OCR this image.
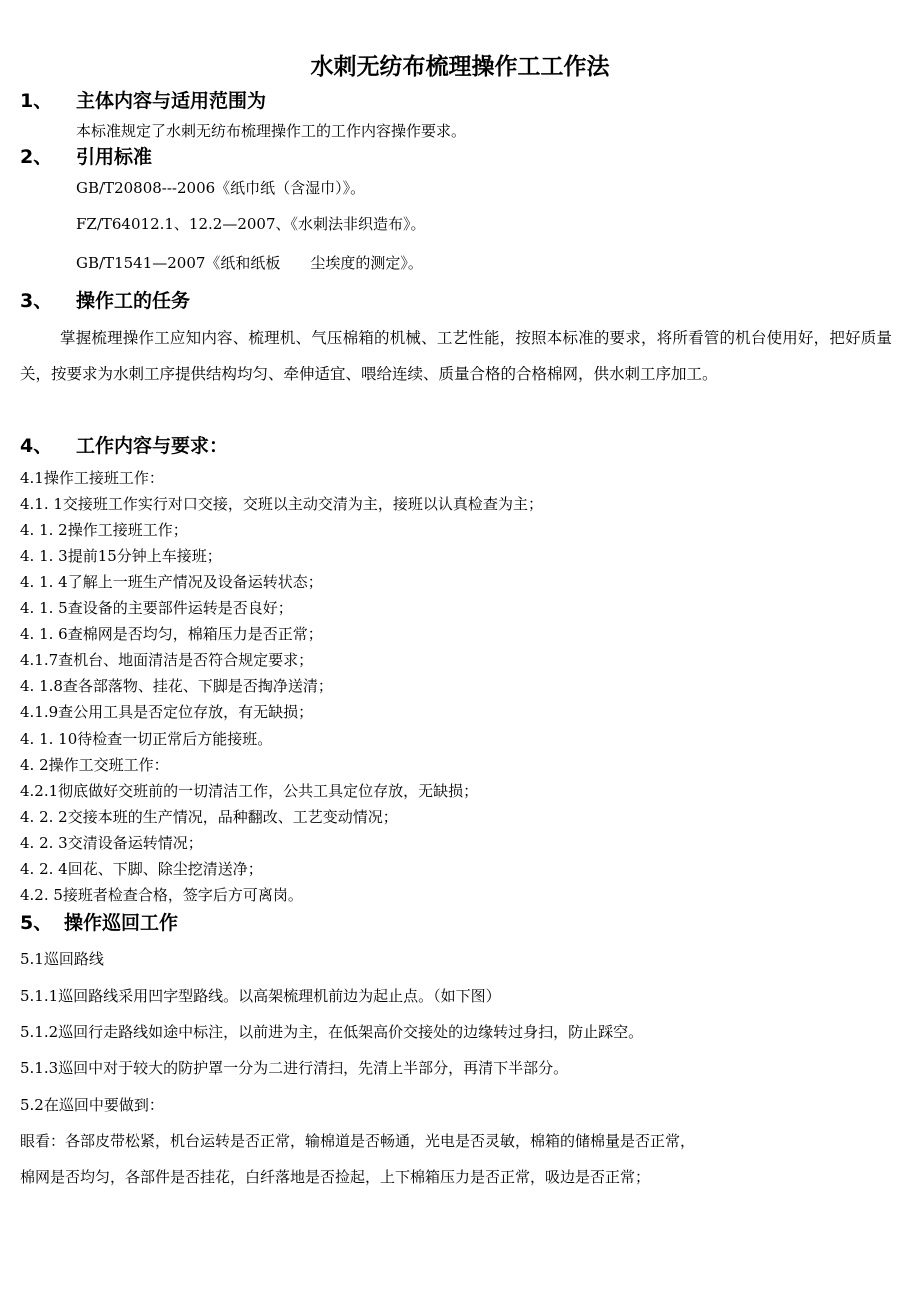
水刺无纺布梳理操作工工作法
1、 主体内容与适用范围为
本标准规定了水刺无纺布梳理操作工的工作内容操作要求。
2、 引用标准
GB/T20808---2006《纸巾纸（含湿巾）》。
FZ/T64012.1、12.2—2007、《水刺法非织造布》。
GB/T1541—2007《纸和纸板　　尘埃度的测定》。
3、 操作工的任务
掌握梳理操作工应知内容、梳理机、气压棉箱的机械、工艺性能，按照本标准的要求，将所看管的机台使用好，把好质量关，按要求为水刺工序提供结构均匀、牵伸适宜、喂给连续、质量合格的合格棉网，供水刺工序加工。
4、 工作内容与要求：
4.1操作工接班工作：
4.1. 1交接班工作实行对口交接，交班以主动交清为主，接班以认真检查为主；
4. 1. 2操作工接班工作；
4. 1. 3提前15分钟上车接班；
4. 1. 4了解上一班生产情况及设备运转状态；
4. 1. 5查设备的主要部件运转是否良好；
4. 1. 6查棉网是否均匀，棉箱压力是否正常；
4.1.7查机台、地面清洁是否符合规定要求；
4. 1.8查各部落物、挂花、下脚是否掏净送清；
4.1.9查公用工具是否定位存放，有无缺损；
4. 1. 10待检查一切正常后方能接班。
4. 2操作工交班工作：
4.2.1彻底做好交班前的一切清洁工作，公共工具定位存放，无缺损；
4. 2. 2交接本班的生产情况，品种翻改、工艺变动情况；
4. 2. 3交清设备运转情况；
4. 2. 4回花、下脚、除尘挖清送净；
4.2. 5接班者检查合格，签字后方可离岗。
5、 操作巡回工作
5.1巡回路线
5.1.1巡回路线采用凹字型路线。以高架梳理机前边为起止点。（如下图）
5.1.2巡回行走路线如途中标注，以前进为主，在低架高价交接处的边缘转过身扫，防止踩空。
5.1.3巡回中对于较大的防护罩一分为二进行清扫，先清上半部分，再清下半部分。
5.2在巡回中要做到：
眼看：各部皮带松紧，机台运转是否正常，输棉道是否畅通，光电是否灵敏，棉箱的储棉量是否正常，
棉网是否均匀，各部件是否挂花，白纤落地是否捡起，上下棉箱压力是否正常，吸边是否正常；
